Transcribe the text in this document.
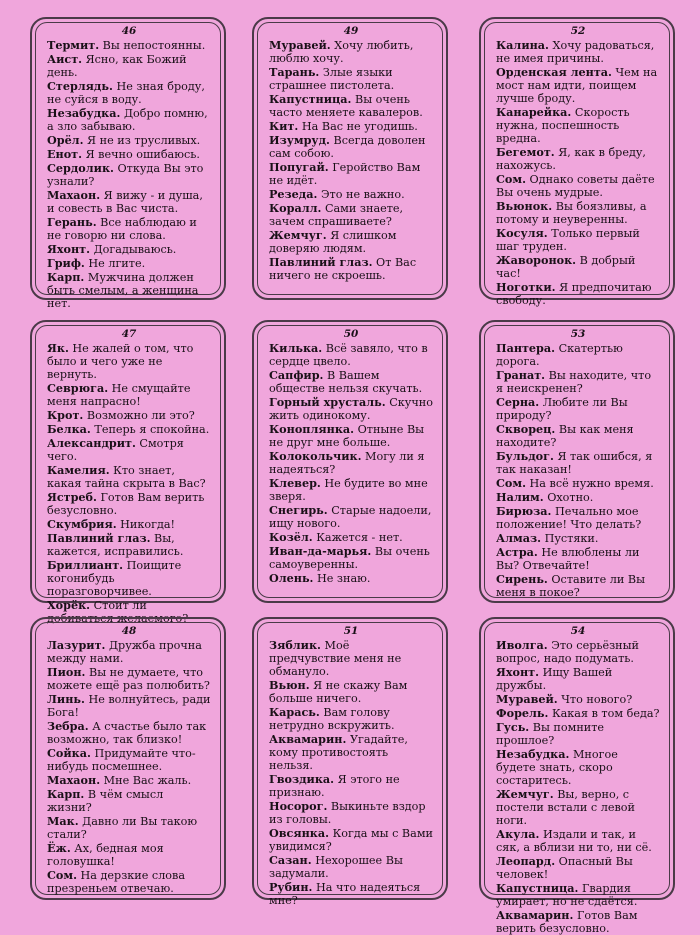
46

Термит. Вы непостоянны.

Аист. Ясно, как Божий день.

Стерлядь. Не зная броду, не суйся в воду.

Незабудка. Добро помню, а зло забываю.

Орёл. Я не из трусливых.

Енот. Я вечно ошибаюсь.

Сердолик. Откуда Вы это узнали?

Махаон. Я вижу - и душа, и совесть в Вас чиста.

Герань. Все наблюдаю и не говорю ни слова.

Яхонт. Догадываюсь.

Гриф. Не лгите.

Карп. Мужчина должен быть смелым, а женщина нет.

49

Муравей. Хочу любить, люблю хочу.

Тарань. Злые языки страшнее пистолета.

Капустница. Вы очень часто меняете кавалеров.

Кит. На Вас не угодишь.

Изумруд. Всегда доволен сам собою.

Попугай. Геройство Вам не идёт.

Резеда. Это не важно.

Коралл. Сами знаете, зачем спрашиваете?

Жемчуг. Я слишком доверяю людям.

Павлиний глаз. От Вас ничего не скроешь.

52

Калина. Хочу радоваться, не имея причины.

Орденская лента. Чем на мост нам идти, поищем лучше броду.

Канарейка. Скорость нужна, поспешность вредна.

Бегемот. Я, как в бреду, нахожусь.

Сом. Однако советы даёте Вы очень мудрые.

Вьюнок. Вы боязливы, а потому и неуверенны.

Косуля. Только первый шаг труден.

Жаворонок. В добрый час!

Ноготки. Я предпочитаю свободу.

47

Як. Не жалей о том, что было и чего уже не вернуть.

Севрюга. Не смущайте меня напрасно!

Крот. Возможно ли это?

Белка. Теперь я спокойна.

Александрит. Смотря чего.

Камелия. Кто знает, какая тайна скрыта в Вас?

Ястреб. Готов Вам верить безусловно.

Скумбрия. Никогда!

Павлиний глаз. Вы, кажется, исправились.

Бриллиант. Поищите когонибудь поразговорчивее.

Хорёк. Стоит ли добиваться желаемого?

50

Килька. Всё завяло, что в сердце цвело.

Сапфир. В Вашем обществе нельзя скучать.

Горный хрусталь. Скучно жить одинокому.

Коноплянка. Отныне Вы не друг мне больше.

Колокольчик. Могу ли я надеяться?

Клевер. Не будите во мне зверя.

Снегирь. Старые надоели, ищу нового.

Козёл. Кажется - нет.

Иван-да-марья. Вы очень самоуверенны.

Олень. Не знаю.

53

Пантера. Скатертью дорога.

Гранат. Вы находите, что я неискренен?

Серна. Любите ли Вы природу?

Скворец. Вы как меня находите?

Бульдог. Я так ошибся, я так наказан!

Сом. На всё нужно время.

Налим. Охотно.

Бирюза. Печально мое положение! Что делать?

Алмаз. Пустяки.

Астра. Не влюблены ли Вы? Отвечайте!

Сирень. Оставите ли Вы меня в покое?

48

Лазурит. Дружба прочна между нами.

Пион. Вы не думаете, что можете ещё раз полюбить?

Линь. Не волнуйтесь, ради Бога!

Зебра. А счастье было так возможно, так близко!

Сойка. Придумайте что-нибудь посмешнее.

Махаон. Мне Вас жаль.

Карп. В чём смысл жизни?

Мак. Давно ли Вы такою стали?

Ёж. Ах, бедная моя головушка!

Сом. На дерзкие слова презреньем отвечаю.

51

Зяблик. Моё предчувствие меня не обмануло.

Вьюн. Я не скажу Вам больше ничего.

Карась. Вам голову нетрудно вскружить.

Аквамарин. Угадайте, кому противостоять нельзя.

Гвоздика. Я этого не признаю.

Носорог. Выкиньте вздор из головы.

Овсянка. Когда мы с Вами увидимся?

Сазан. Нехорошее Вы задумали.

Рубин. На что надеяться мне?

54

Иволга. Это серьёзный вопрос, надо подумать.

Яхонт. Ищу Вашей дружбы.

Муравей. Что нового?

Форель. Какая в том беда?

Гусь. Вы помните прошлое?

Незабудка. Многое будете знать, скоро состаритесь.

Жемчуг. Вы, верно, с постели встали с левой ноги.

Акула. Издали и так, и сяк, а вблизи ни то, ни сё.

Леопард. Опасный Вы человек!

Капустница. Гвардия умирает, но не сдаётся.

Аквамарин. Готов Вам верить безусловно.
